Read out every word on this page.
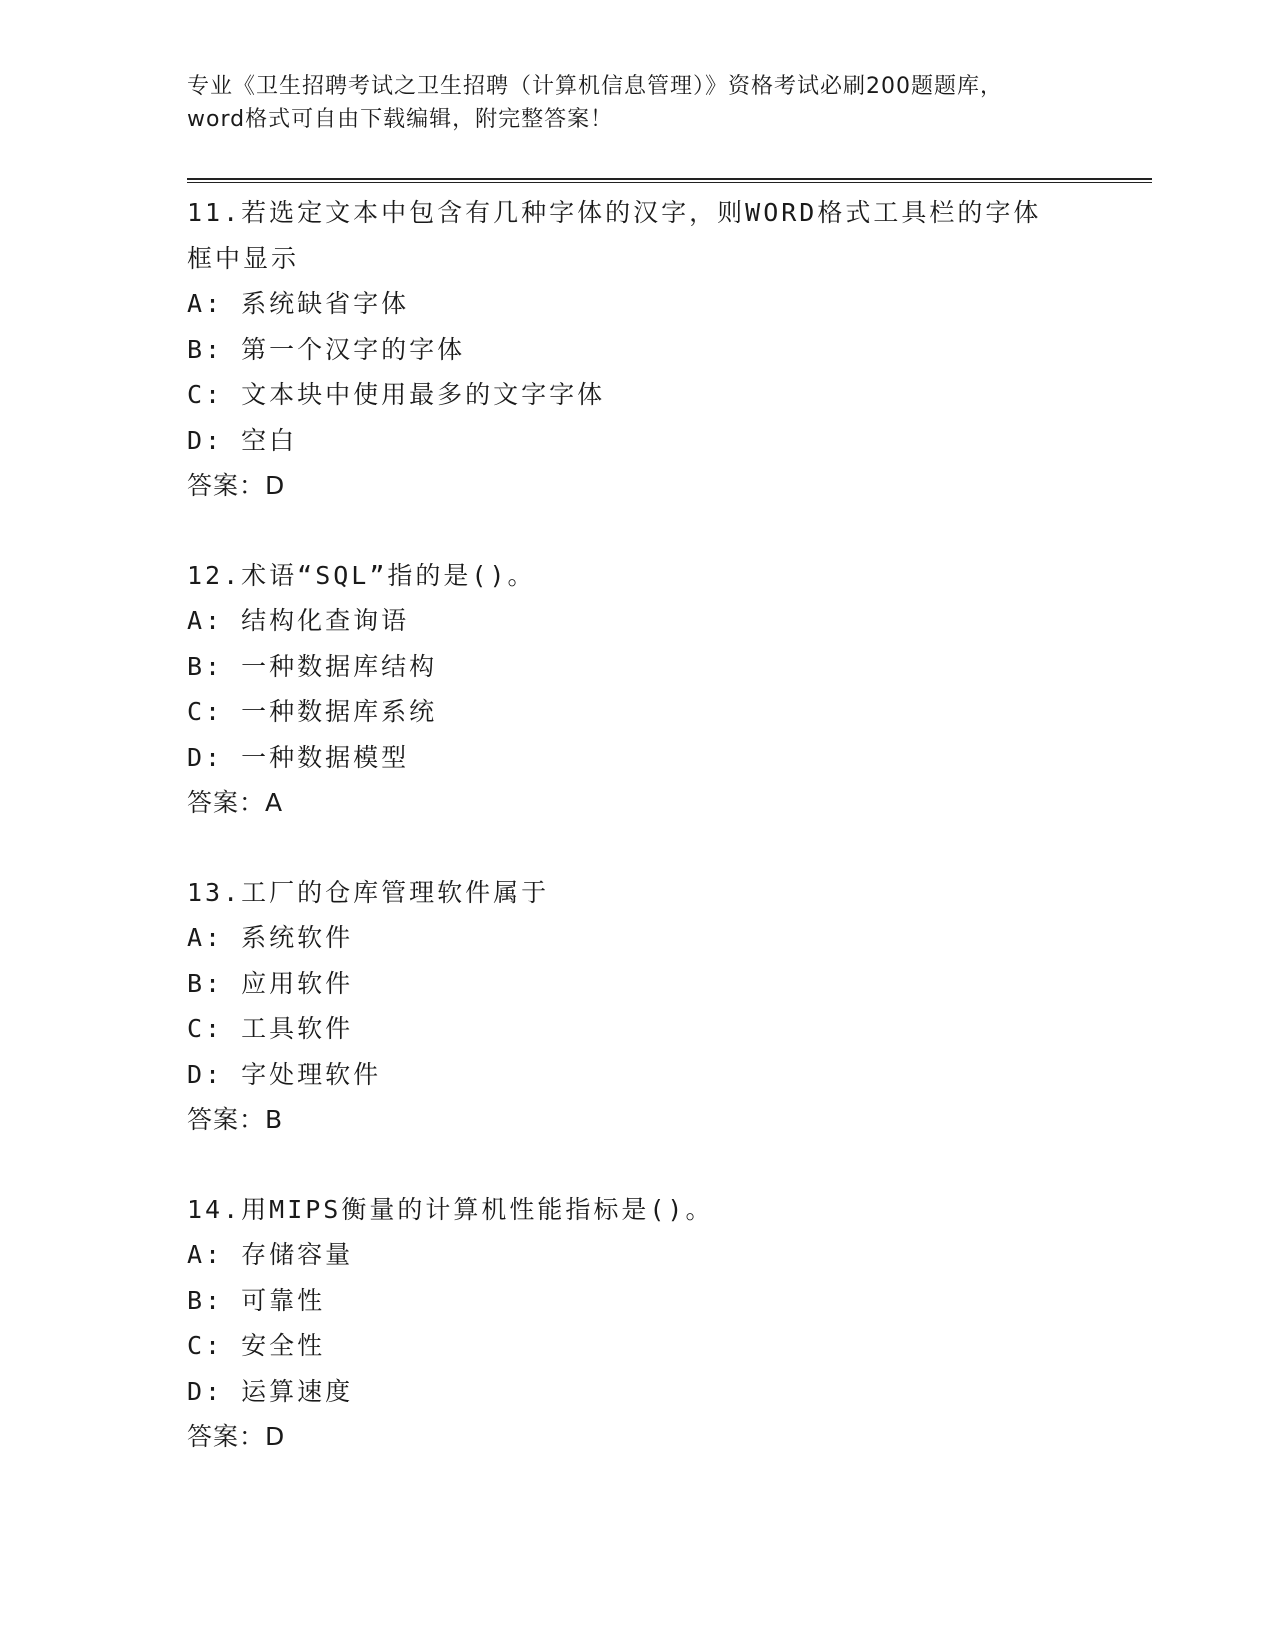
专业《卫生招聘考试之卫生招聘（计算机信息管理）》资格考试必刷200题题库，
word格式可自由下载编辑，附完整答案！
11.若选定文本中包含有几种字体的汉字，则WORD格式工具栏的字体框中显示
A: 系统缺省字体
B: 第一个汉字的字体
C: 文本块中使用最多的文字字体
D: 空白
答案：D
12.术语“SQL”指的是()。
A: 结构化查询语
B: 一种数据库结构
C: 一种数据库系统
D: 一种数据模型
答案：A
13.工厂的仓库管理软件属于
A: 系统软件
B: 应用软件
C: 工具软件
D: 字处理软件
答案：B
14.用MIPS衡量的计算机性能指标是()。
A: 存储容量
B: 可靠性
C: 安全性
D: 运算速度
答案：D
